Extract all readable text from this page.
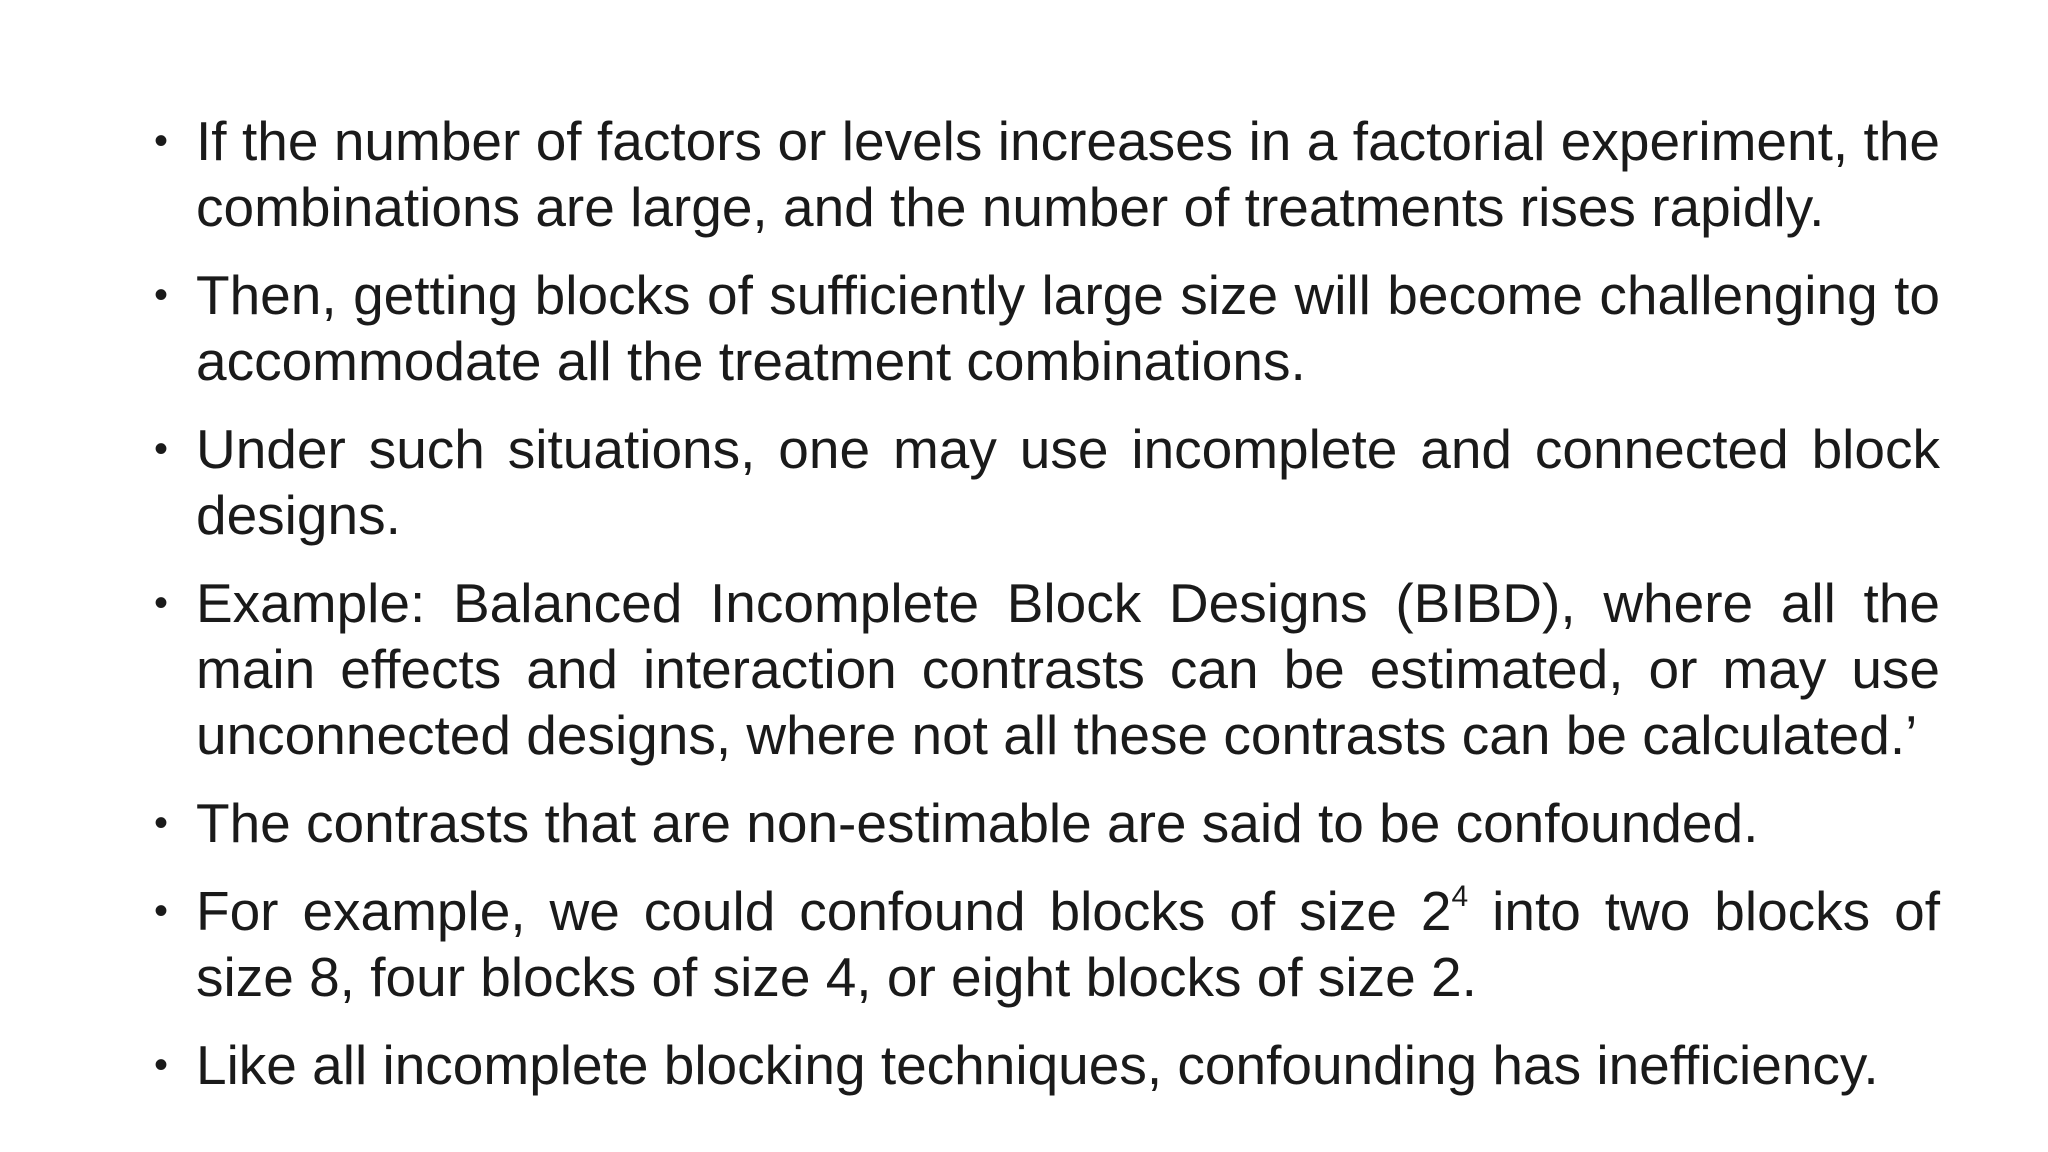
• If the number of factors or levels increases in a factorial experiment, the combinations are large, and the number of treatments rises rapidly.
• Then, getting blocks of sufficiently large size will become challenging to accommodate all the treatment combinations.
• Under such situations, one may use incomplete and connected block designs.
• Example: Balanced Incomplete Block Designs (BIBD), where all the main effects and interaction contrasts can be estimated, or may use unconnected designs, where not all these contrasts can be calculated.’
• The contrasts that are non-estimable are said to be confounded.
• For example, we could confound blocks of size $2^4$ into two blocks of size 8, four blocks of size 4, or eight blocks of size 2.
• Like all incomplete blocking techniques, confounding has inefficiency.
